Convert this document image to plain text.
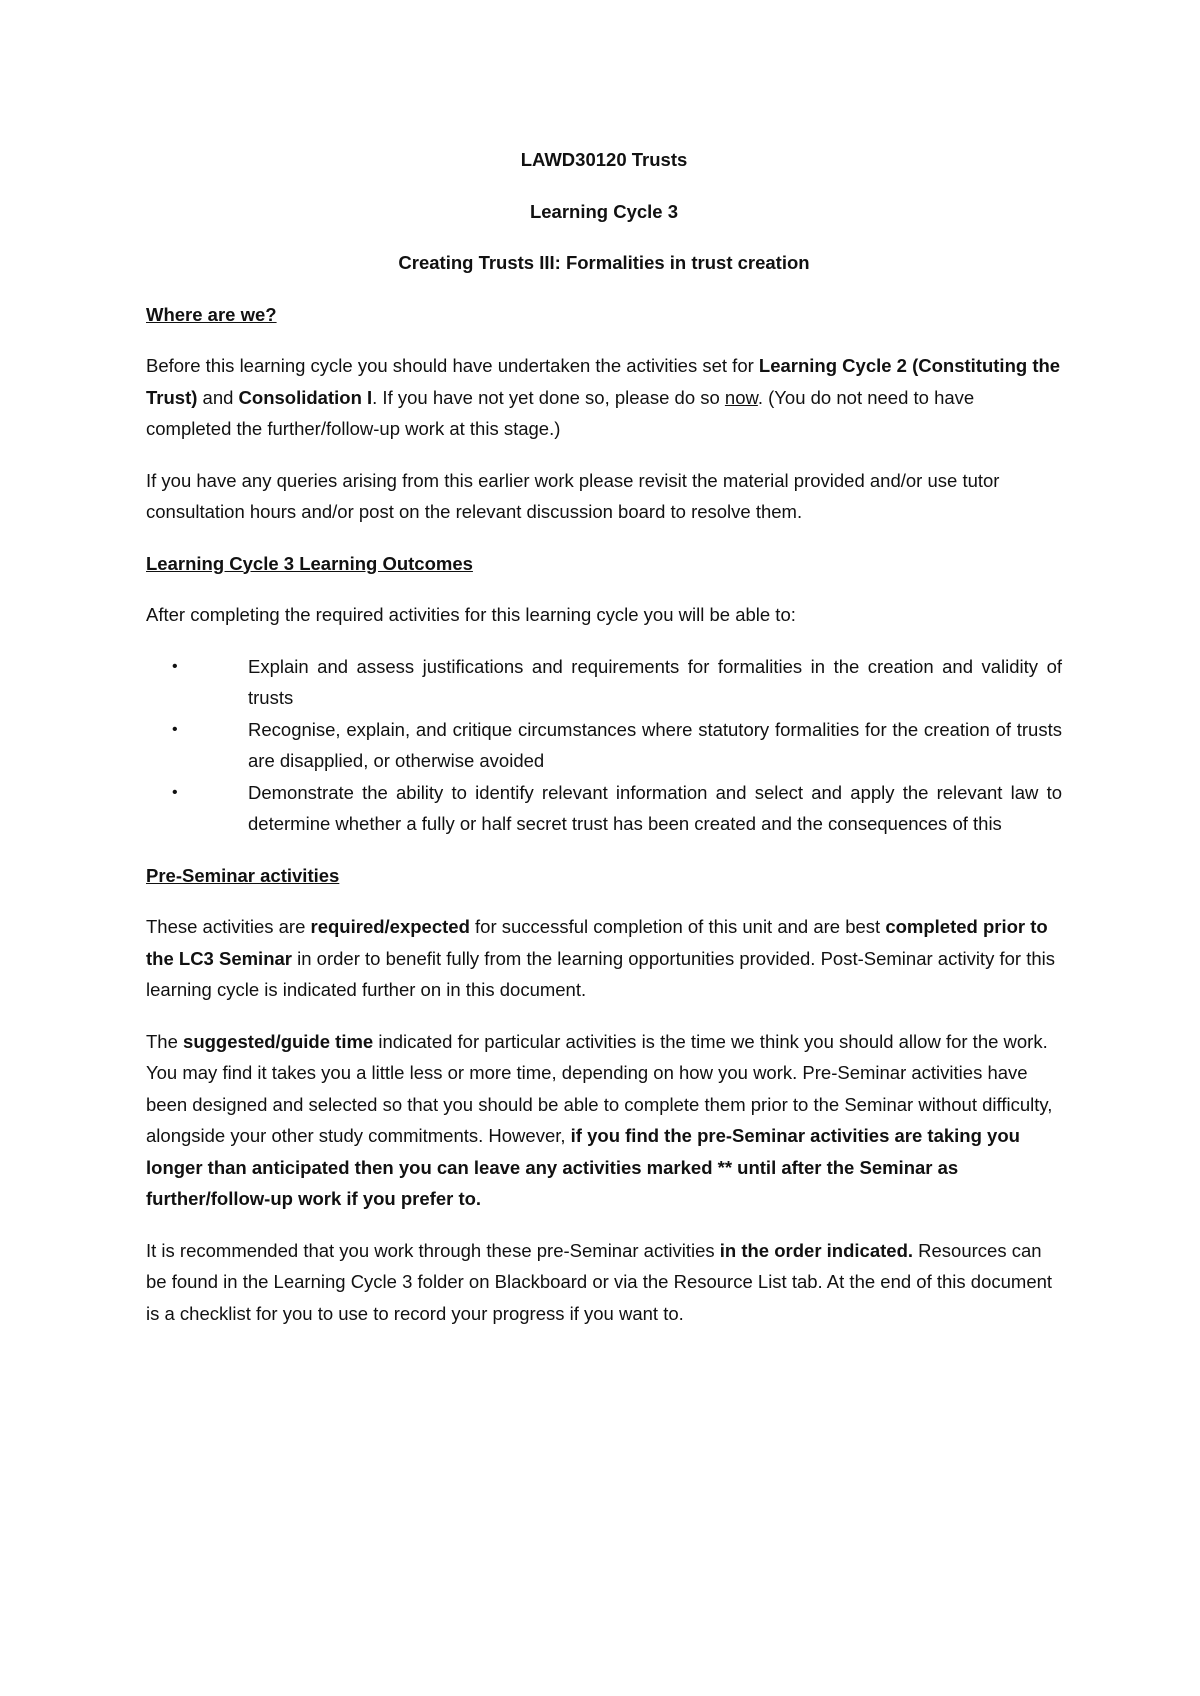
LAWD30120 Trusts
Learning Cycle 3
Creating Trusts III: Formalities in trust creation
Where are we?

Before this learning cycle you should have undertaken the activities set for Learning Cycle 2 (Constituting the Trust) and Consolidation I. If you have not yet done so, please do so now. (You do not need to have completed the further/follow-up work at this stage.)

If you have any queries arising from this earlier work please revisit the material provided and/or use tutor consultation hours and/or post on the relevant discussion board to resolve them.

Learning Cycle 3 Learning Outcomes

After completing the required activities for this learning cycle you will be able to:

•	Explain and assess justifications and requirements for formalities in the creation and validity of trusts
•	Recognise, explain, and critique circumstances where statutory formalities for the creation of trusts are disapplied, or otherwise avoided
•	Demonstrate the ability to identify relevant information and select and apply the relevant law to determine whether a fully or half secret trust has been created and the consequences of this
Pre-Seminar activities

These activities are required/expected for successful completion of this unit and are best completed prior to the LC3 Seminar in order to benefit fully from the learning opportunities provided. Post-Seminar activity for this learning cycle is indicated further on in this document.

The suggested/guide time indicated for particular activities is the time we think you should allow for the work. You may find it takes you a little less or more time, depending on how you work. Pre-Seminar activities have been designed and selected so that you should be able to complete them prior to the Seminar without difficulty, alongside your other study commitments. However, if you find the pre-Seminar activities are taking you longer than anticipated then you can leave any activities marked ** until after the Seminar as further/follow-up work if you prefer to.

It is recommended that you work through these pre-Seminar activities in the order indicated. Resources can be found in the Learning Cycle 3 folder on Blackboard or via the Resource List tab. At the end of this document is a checklist for you to use to record your progress if you want to.
